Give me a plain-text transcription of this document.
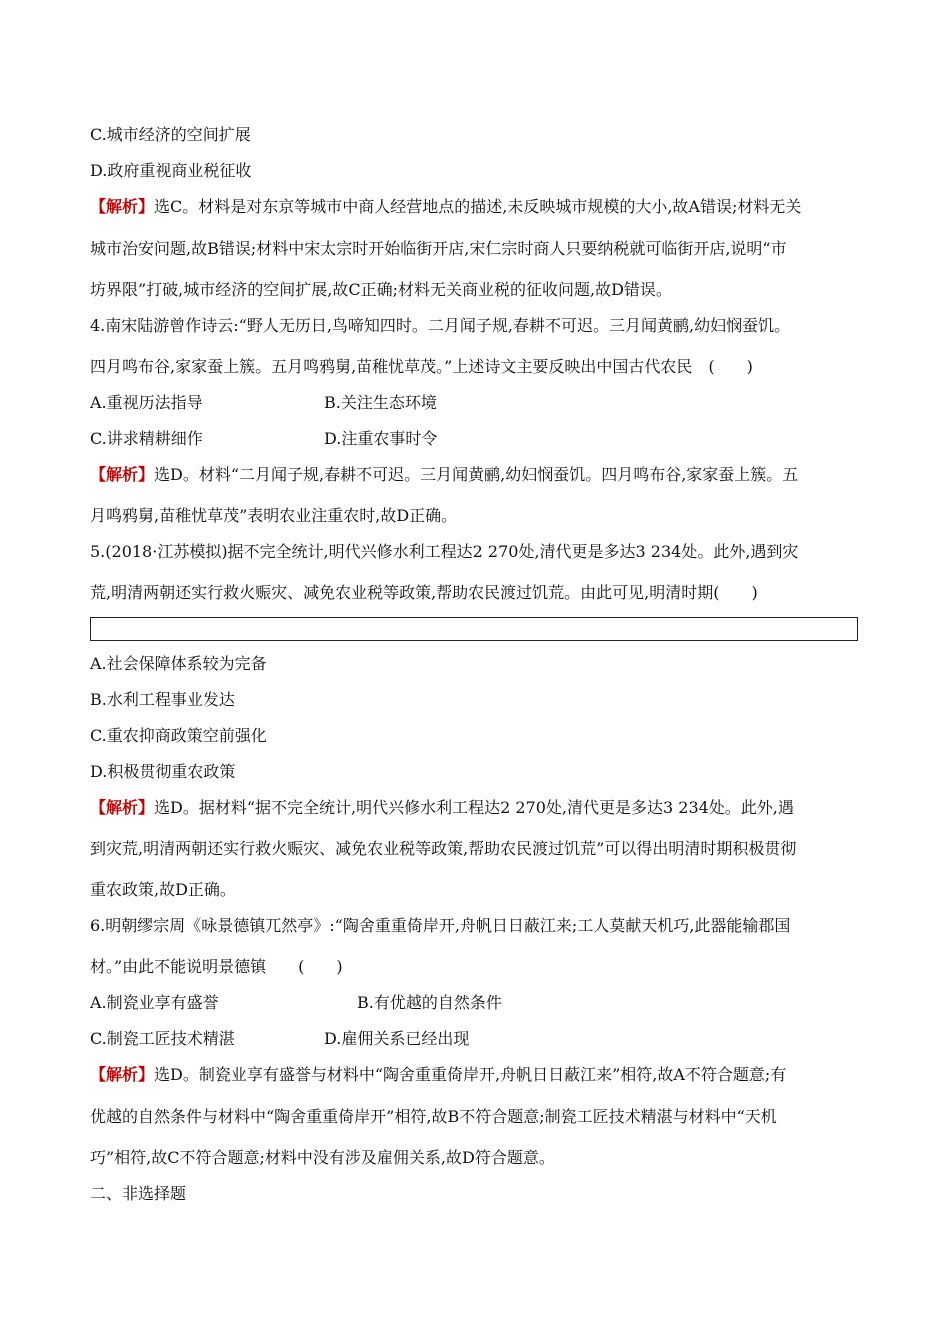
C.城市经济的空间扩展
D.政府重视商业税征收
【解析】选C。材料是对东京等城市中商人经营地点的描述,未反映城市规模的大小,故A错误;材料无关
城市治安问题,故B错误;材料中宋太宗时开始临街开店,宋仁宗时商人只要纳税就可临街开店,说明“市
坊界限”打破,城市经济的空间扩展,故C正确;材料无关商业税的征收问题,故D错误。
4.南宋陆游曾作诗云:“野人无历日,鸟啼知四时。二月闻子规,春耕不可迟。三月闻黄鹂,幼妇悯蚕饥。
四月鸣布谷,家家蚕上簇。五月鸣鸦舅,苗稚忧草茂。”上述诗文主要反映出中国古代农民　(　　)
A.重视历法指导	B.关注生态环境
C.讲求精耕细作	D.注重农事时令
【解析】选D。材料“二月闻子规,春耕不可迟。三月闻黄鹂,幼妇悯蚕饥。四月鸣布谷,家家蚕上簇。五
月鸣鸦舅,苗稚忧草茂”表明农业注重农时,故D正确。
5.(2018·江苏模拟)据不完全统计,明代兴修水利工程达2 270处,清代更是多达3 234处。此外,遇到灾
荒,明清两朝还实行救火赈灾、减免农业税等政策,帮助农民渡过饥荒。由此可见,明清时期(　　)
A.社会保障体系较为完备
B.水利工程事业发达
C.重农抑商政策空前强化
D.积极贯彻重农政策
【解析】选D。据材料“据不完全统计,明代兴修水利工程达2 270处,清代更是多达3 234处。此外,遇
到灾荒,明清两朝还实行救火赈灾、减免农业税等政策,帮助农民渡过饥荒”可以得出明清时期积极贯彻
重农政策,故D正确。
6.明朝缪宗周《咏景德镇兀然亭》:“陶舍重重倚岸开,舟帆日日蔽江来;工人莫献天机巧,此器能输郡国
材。”由此不能说明景德镇　　(　　)
A.制瓷业享有盛誉	B.有优越的自然条件
C.制瓷工匠技术精湛	D.雇佣关系已经出现
【解析】选D。制瓷业享有盛誉与材料中“陶舍重重倚岸开,舟帆日日蔽江来”相符,故A不符合题意;有
优越的自然条件与材料中“陶舍重重倚岸开”相符,故B不符合题意;制瓷工匠技术精湛与材料中“天机
巧”相符,故C不符合题意;材料中没有涉及雇佣关系,故D符合题意。
二、非选择题
